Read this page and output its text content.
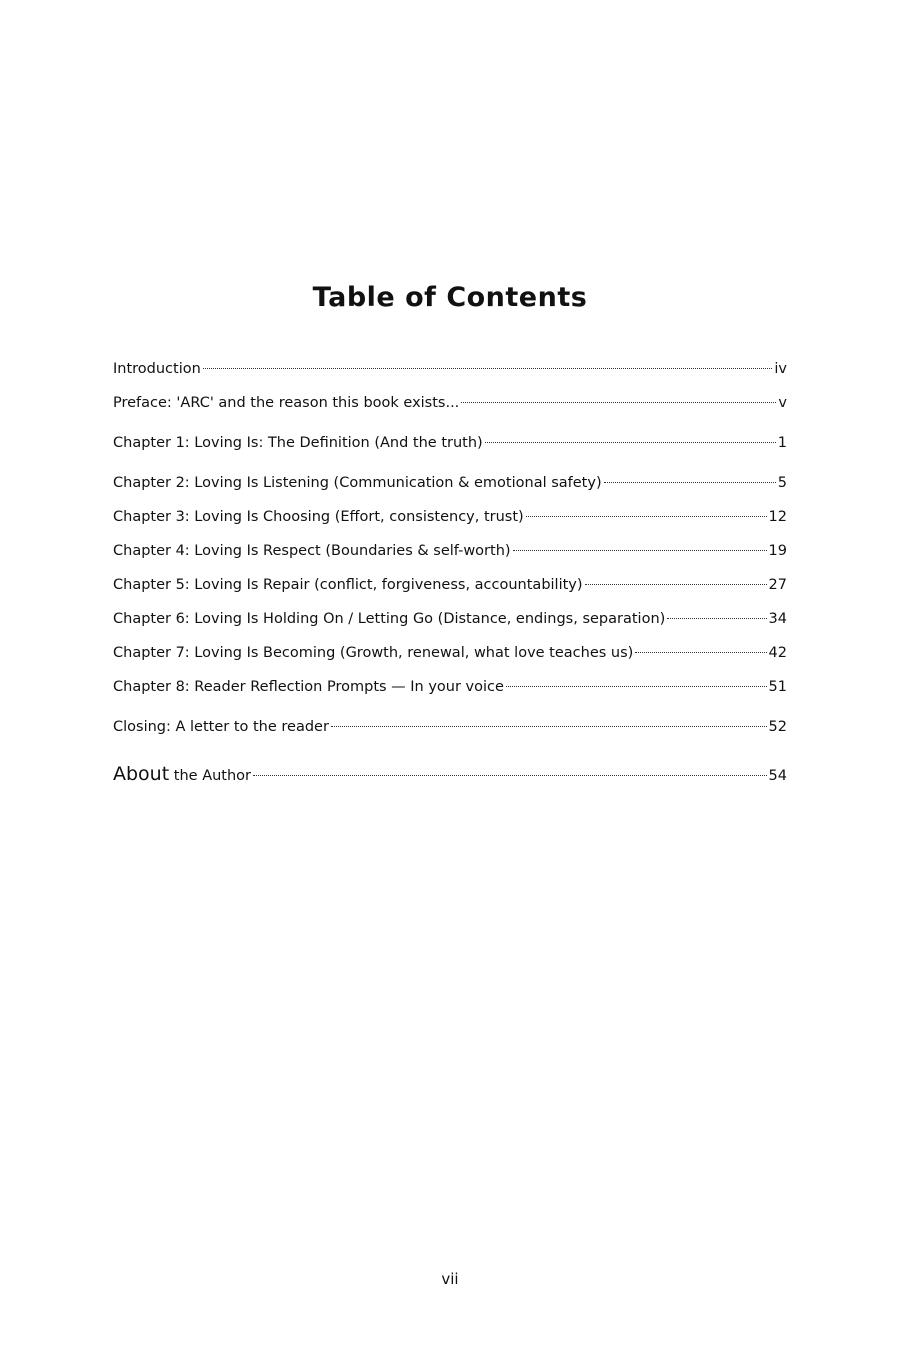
Table of Contents
Introduction	iv
Preface: 'ARC' and the reason this book exists...	v
Chapter 1: Loving Is: The Definition (And the truth)	1
Chapter 2: Loving Is Listening (Communication & emotional safety)	5
Chapter 3: Loving Is Choosing (Effort, consistency, trust)	12
Chapter 4: Loving Is Respect (Boundaries & self-worth)	19
Chapter 5: Loving Is Repair (conflict, forgiveness, accountability)	27
Chapter 6: Loving Is Holding On / Letting Go (Distance, endings, separation)	34
Chapter 7: Loving Is Becoming (Growth, renewal, what love teaches us)	42
Chapter 8: Reader Reflection Prompts — In your voice	51
Closing: A letter to the reader	52
About the Author	54
vii
